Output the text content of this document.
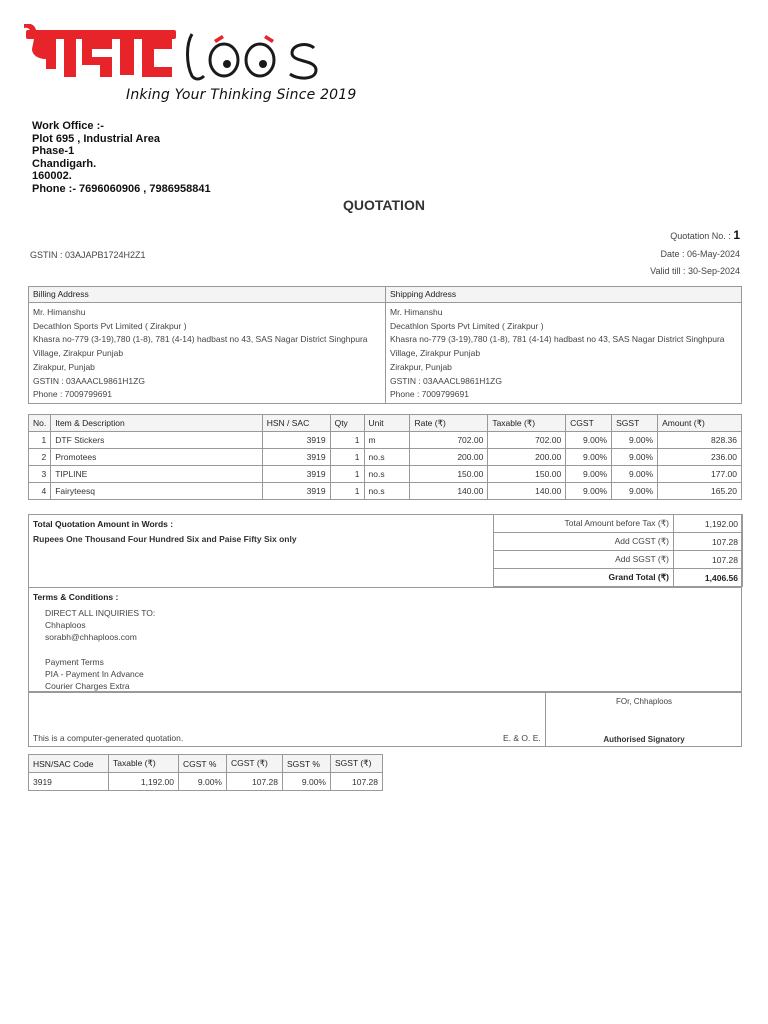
Inking Your Thinking Since 2019
Work Office :-
Plot 695 , Industrial Area
Phase-1
Chandigarh.
160002.
Phone :- 7696060906 , 7986958841
QUOTATION
Quotation No. : 1
Date : 06-May-2024
Valid till : 30-Sep-2024
GSTIN : 03AJAPB1724H2Z1
Billing Address
Mr. Himanshu
Decathlon Sports Pvt Limited ( Zirakpur )
Khasra no-779 (3-19),780 (1-8), 781 (4-14) hadbast no 43, SAS Nagar District Singhpura
Village, Zirakpur Punjab
Zirakpur, Punjab
GSTIN : 03AAACL9861H1ZG
Phone : 7009799691
Shipping Address
Mr. Himanshu
Decathlon Sports Pvt Limited ( Zirakpur )
Khasra no-779 (3-19),780 (1-8), 781 (4-14) hadbast no 43, SAS Nagar District Singhpura
Village, Zirakpur Punjab
Zirakpur, Punjab
GSTIN : 03AAACL9861H1ZG
Phone : 7009799691
No.	Item & Description	HSN / SAC	Qty	Unit	Rate (₹)	Taxable (₹)	CGST	SGST	Amount (₹)
1	DTF Stickers	3919	1	m	702.00	702.00	9.00%	9.00%	828.36
2	Promotees	3919	1	no.s	200.00	200.00	9.00%	9.00%	236.00
3	TIPLINE	3919	1	no.s	150.00	150.00	9.00%	9.00%	177.00
4	Fairyteesq	3919	1	no.s	140.00	140.00	9.00%	9.00%	165.20
Total Quotation Amount in Words :
Rupees One Thousand Four Hundred Six and Paise Fifty Six only
Total Amount before Tax (₹)	1,192.00
Add CGST (₹)	107.28
Add SGST (₹)	107.28
Grand Total (₹)	1,406.56
Terms & Conditions :
DIRECT ALL INQUIRIES TO:
Chhaploos
sorabh@chhaploos.com
Payment Terms
PIA - Payment In Advance
Courier Charges Extra
This is a computer-generated quotation.	E. & O. E.
FOr, Chhaploos
Authorised Signatory
HSN/SAC Code	Taxable (₹)	CGST %	CGST (₹)	SGST %	SGST (₹)
3919	1,192.00	9.00%	107.28	9.00%	107.28
